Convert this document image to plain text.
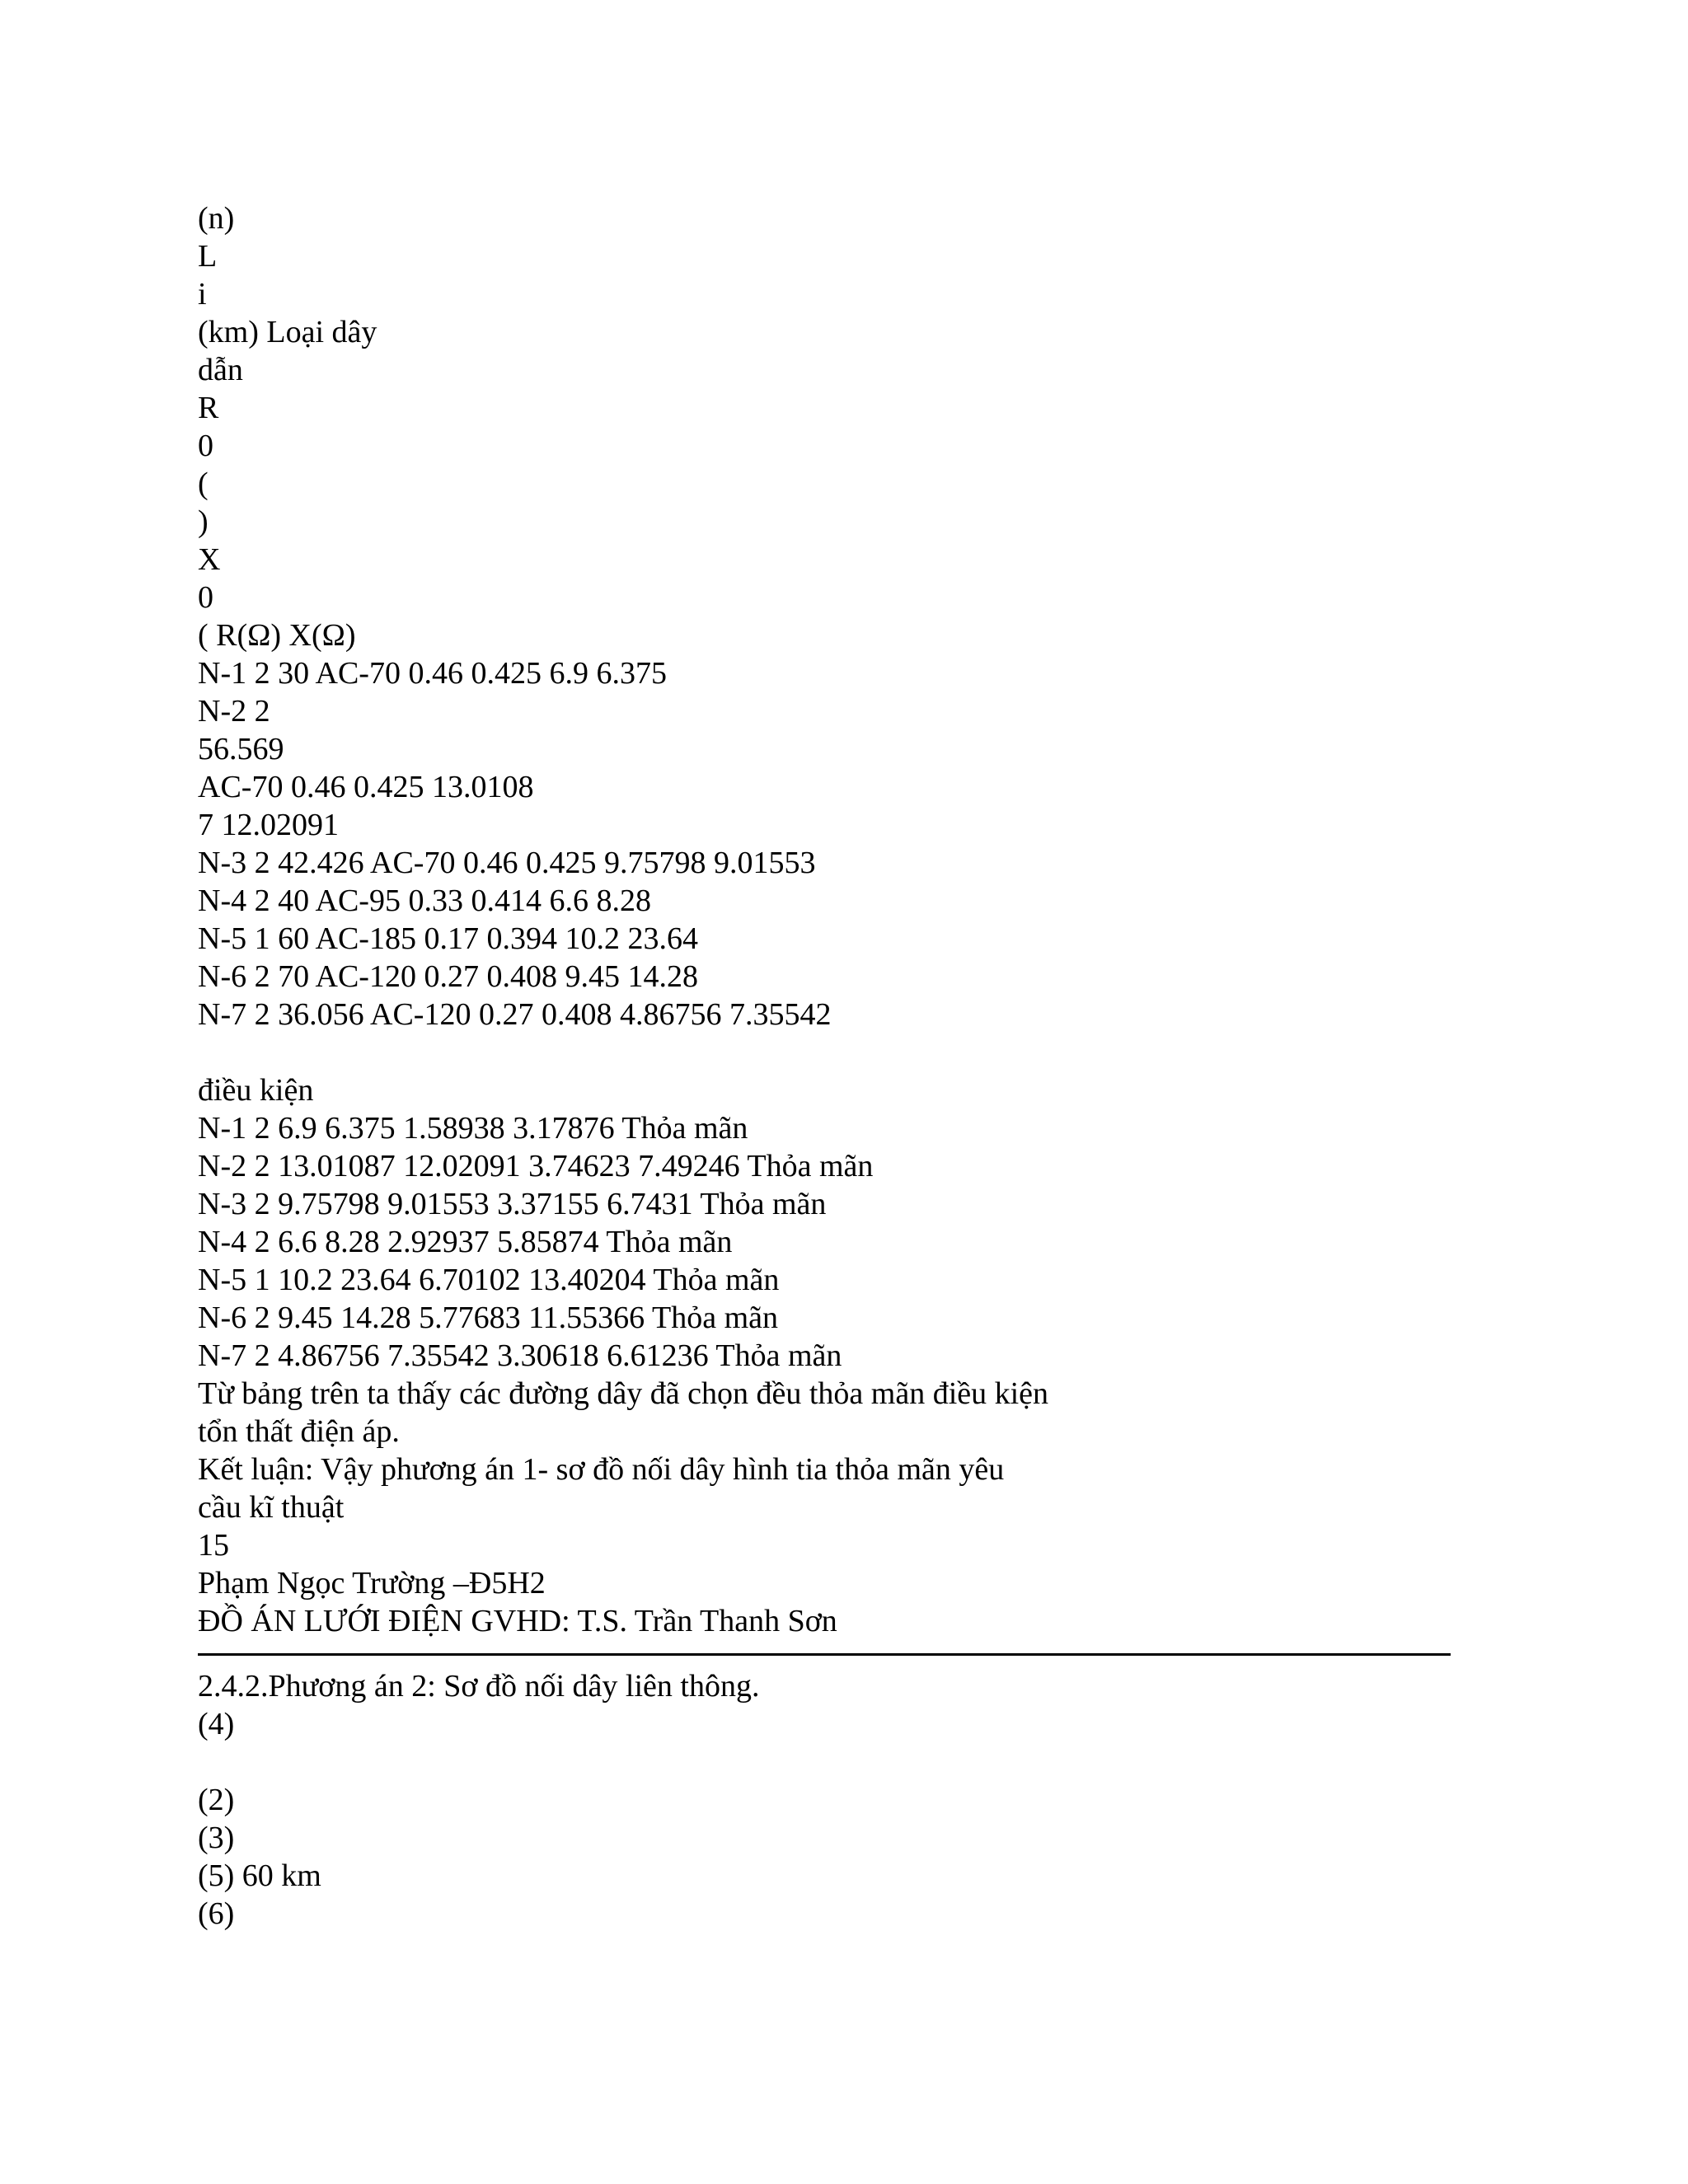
(n)
L
i
(km) Loại dây
dẫn
R
0
(
)
X
0
( R(Ω) X(Ω)
N-1 2 30 AC-70 0.46 0.425 6.9 6.375
N-2 2
56.569
AC-70 0.46 0.425 13.0108
7 12.02091
N-3 2 42.426 AC-70 0.46 0.425 9.75798 9.01553
N-4 2 40 AC-95 0.33 0.414 6.6 8.28
N-5 1 60 AC-185 0.17 0.394 10.2 23.64
N-6 2 70 AC-120 0.27 0.408 9.45 14.28
N-7 2 36.056 AC-120 0.27 0.408 4.86756 7.35542
điều kiện
N-1 2 6.9 6.375 1.58938 3.17876 Thỏa mãn
N-2 2 13.01087 12.02091 3.74623 7.49246 Thỏa mãn
N-3 2 9.75798 9.01553 3.37155 6.7431 Thỏa mãn
N-4 2 6.6 8.28 2.92937 5.85874 Thỏa mãn
N-5 1 10.2 23.64 6.70102 13.40204 Thỏa mãn
N-6 2 9.45 14.28 5.77683 11.55366 Thỏa mãn
N-7 2 4.86756 7.35542 3.30618 6.61236 Thỏa mãn
Từ bảng trên ta thấy các đường dây đã chọn đều thỏa mãn điều kiện
tổn thất điện áp.
Kết luận: Vậy phương án 1- sơ đồ nối dây hình tia thỏa mãn yêu
cầu kĩ thuật
15
Phạm Ngọc Trường –Đ5H2
ĐỒ ÁN LƯỚI ĐIỆN GVHD: T.S. Trần Thanh Sơn
2.4.2.Phương án 2: Sơ đồ nối dây liên thông.
(4)
(2)
(3)
(5) 60 km
(6)
